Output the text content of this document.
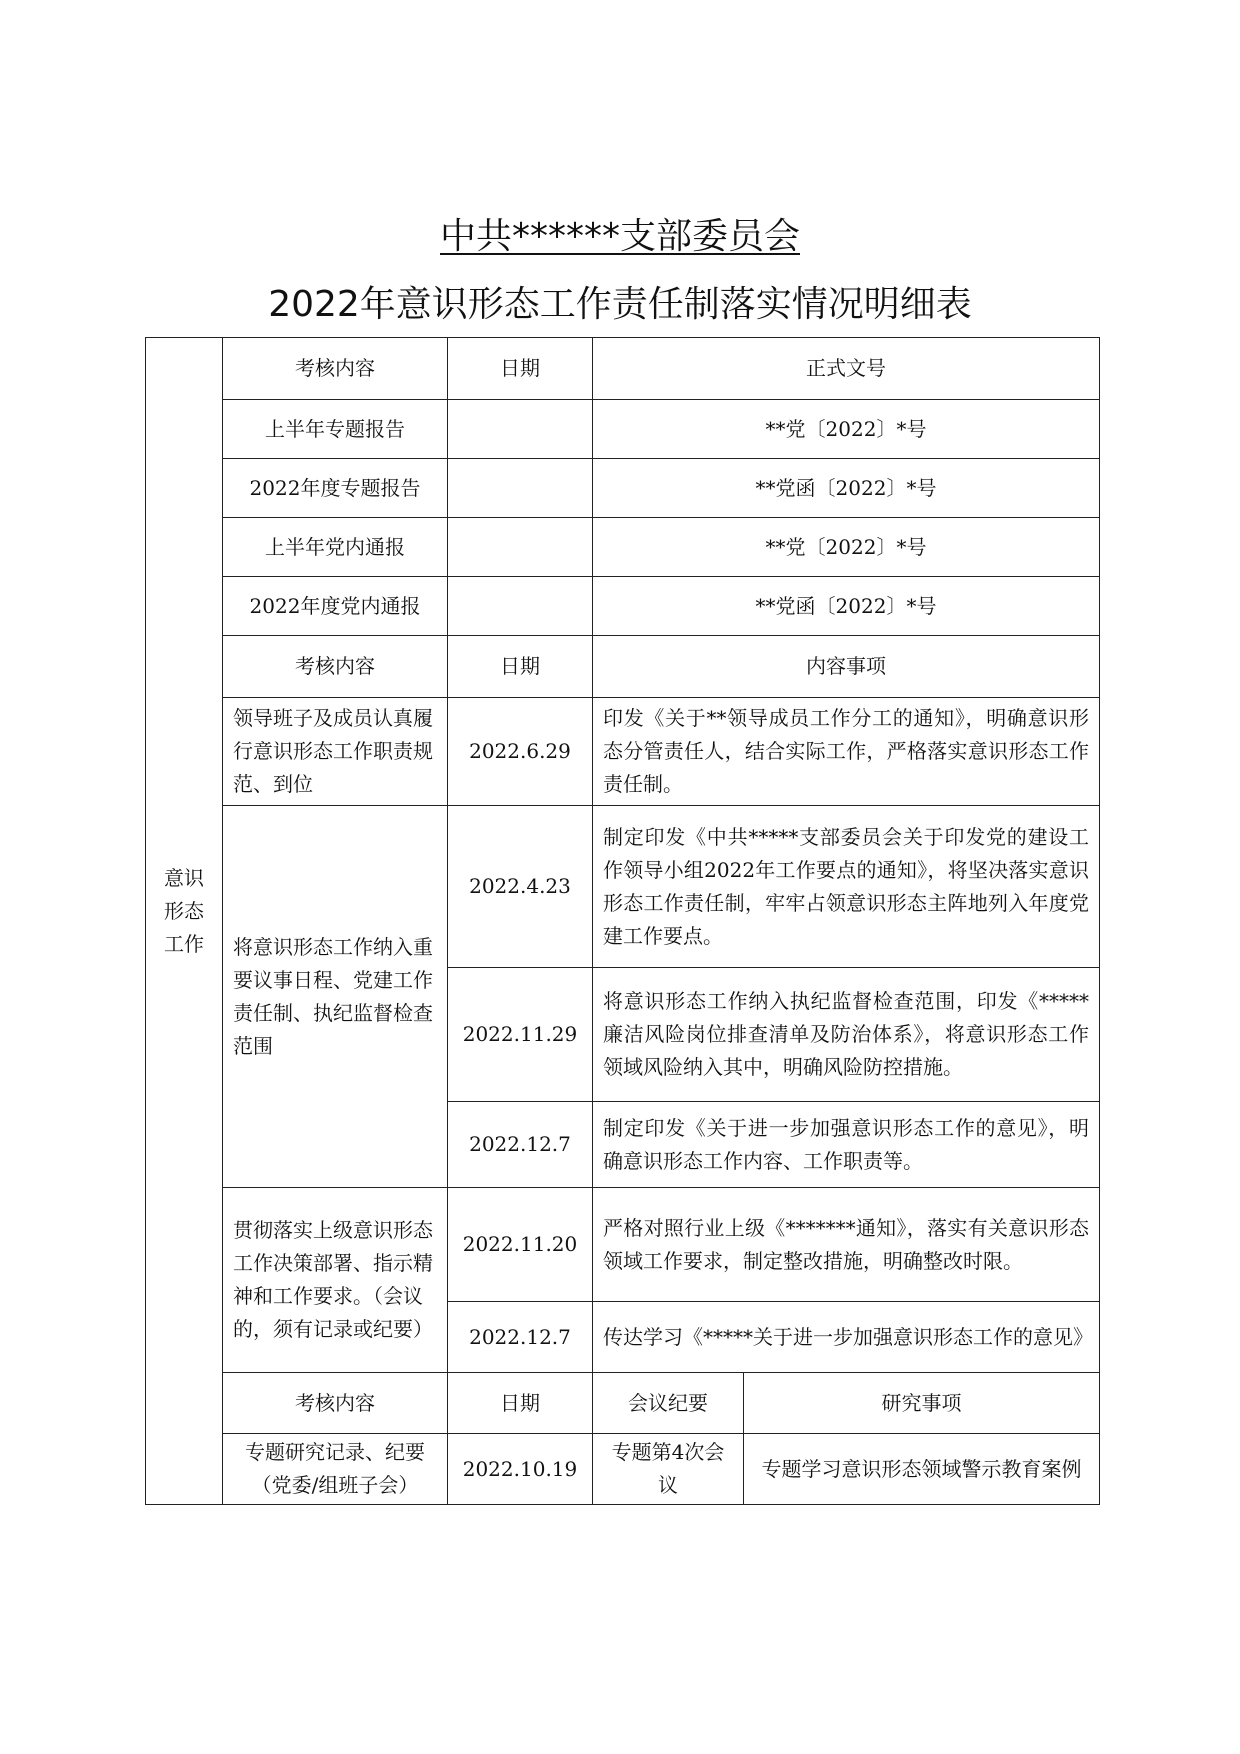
中共******支部委员会
2022年意识形态工作责任制落实情况明细表
意识形态工作	考核内容	日期	正式文号	
	上半年专题报告		**党〔2022〕*号	
	2022年度专题报告		**党函〔2022〕*号	
	上半年党内通报		**党〔2022〕*号	
	2022年度党内通报		**党函〔2022〕*号	
	考核内容	日期	内容事项	
	领导班子及成员认真履行意识形态工作职责规范、到位	2022.6.29	印发《关于**领导成员工作分工的通知》，明确意识形态分管责任人，结合实际工作，严格落实意识形态工作责任制。	
	将意识形态工作纳入重要议事日程、党建工作责任制、执纪监督检查范围	2022.4.23	制定印发《中共*****支部委员会关于印发党的建设工作领导小组2022年工作要点的通知》，将坚决落实意识形态工作责任制，牢牢占领意识形态主阵地列入年度党建工作要点。	
		2022.11.29	将意识形态工作纳入执纪监督检查范围，印发《*****廉洁风险岗位排查清单及防治体系》，将意识形态工作领域风险纳入其中，明确风险防控措施。	
		2022.12.7	制定印发《关于进一步加强意识形态工作的意见》，明确意识形态工作内容、工作职责等。	
	贯彻落实上级意识形态工作决策部署、指示精神和工作要求。（会议的，须有记录或纪要）	2022.11.20	严格对照行业上级《*******通知》，落实有关意识形态领域工作要求，制定整改措施，明确整改时限。	
		2022.12.7	传达学习《*****关于进一步加强意识形态工作的意见》	
	考核内容	日期	会议纪要	研究事项
	专题研究记录、纪要（党委/组班子会）	2022.10.19	专题第4次会议	专题学习意识形态领域警示教育案例
